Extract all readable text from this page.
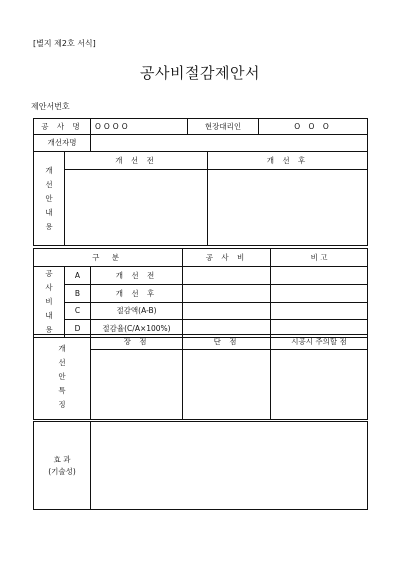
[별지 제2호 서식]
공사비절감제안서
제안서번호
공 사 명	OOOO	현장대리인	O O O
개선자명			
개
선
안
내
용	개 선 전	개 선 후

구 분			공 사 비	비 고

공
사
비
내
용	A	개 선 전		
	B	개 선 후		
	C	절감액(A-B)		
	D	절감율(C/A×100%)		
개
선
안
특
징	장 점	단 점	시공시 주의할 점

효 과
(기술성)
